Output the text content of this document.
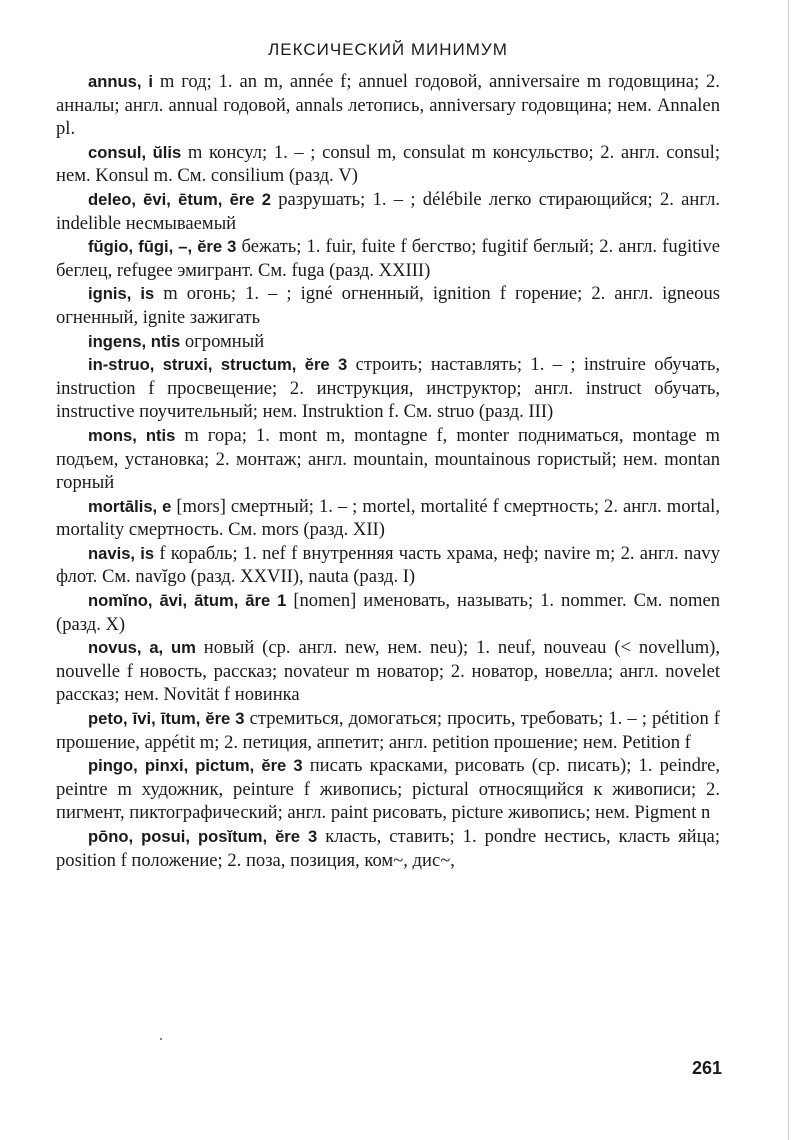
ЛЕКСИЧЕСКИЙ МИНИМУМ

annus, i m год; 1. an m, année f; annuel годовой, anniversaire m годовщина; 2. анналы; англ. annual годовой, annals летопись, anniversary годовщина; нем. Annalen pl.

consul, ŭlis m консул; 1. – ; consul m, consulat m консульство; 2. англ. consul; нем. Konsul m. См. consilium (разд. V)

deleo, ēvi, ētum, ēre 2 разрушать; 1. – ; délébile легко стирающийся; 2. англ. indelible несмываемый

fŭgio, fūgi, –, ĕre 3 бежать; 1. fuir, fuite f бегство; fugitif беглый; 2. англ. fugitive беглец, refugee эмигрант. См. fuga (разд. XXIII)

ignis, is m огонь; 1. – ; igné огненный, ignition f горение; 2. англ. igneous огненный, ignite зажигать

ingens, ntis огромный

in-struo, struxi, structum, ĕre 3 строить; наставлять; 1. – ; instruire обучать, instruction f просвещение; 2. инструкция, инструктор; англ. instruct обучать, instructive поучительный; нем. Instruktion f. См. struo (разд. III)

mons, ntis m гора; 1. mont m, montagne f, monter подниматься, montage m подъем, установка; 2. монтаж; англ. mountain, mountainous гористый; нем. montan горный

mortālis, e [mors] смертный; 1. – ; mortel, mortalité f смертность; 2. англ. mortal, mortality смертность. См. mors (разд. XII)

navis, is f корабль; 1. nef f внутренняя часть храма, неф; navire m; 2. англ. navy флот. См. navĭgo (разд. XXVII), nauta (разд. I)

nomĭno, āvi, ātum, āre 1 [nomen] именовать, называть; 1. nommer. См. nomen (разд. X)

novus, a, um новый (ср. англ. new, нем. neu); 1. neuf, nouveau (< novellum), nouvelle f новость, рассказ; novateur m новатор; 2. новатор, новелла; англ. novelet рассказ; нем. Novität f новинка

peto, īvi, ītum, ĕre 3 стремиться, домогаться; просить, требовать; 1. – ; pétition f прошение, appétit m; 2. петиция, аппетит; англ. petition прошение; нем. Petition f

pingo, pinxi, pictum, ĕre 3 писать красками, рисовать (ср. писать); 1. peindre, peintre m художник, peinture f живопись; pictural относящийся к живописи; 2. пигмент, пиктографический; англ. paint рисовать, picture живопись; нем. Pigment n

pōno, posui, posĭtum, ĕre 3 класть, ставить; 1. pondre нестись, класть яйца; position f положение; 2. поза, позиция, ком~, дис~,

261
